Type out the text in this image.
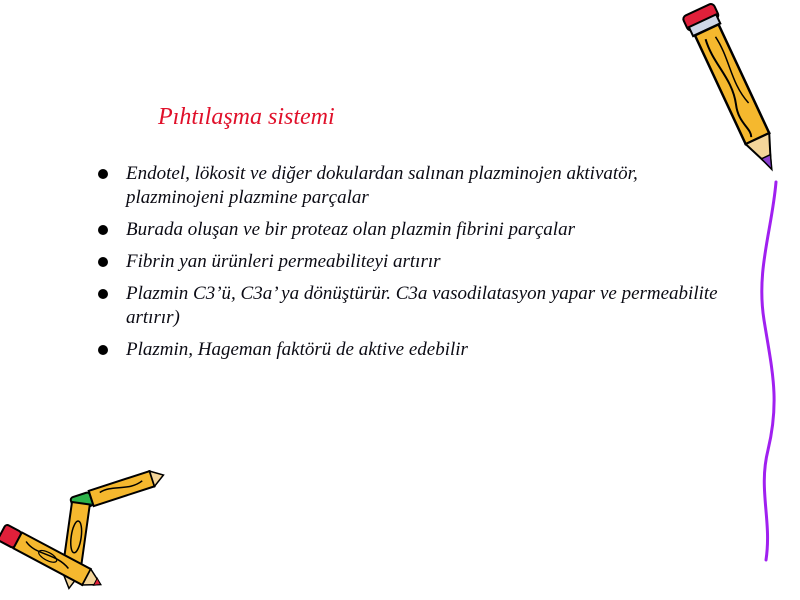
Pıhtılaşma sistemi
Endotel, lökosit ve diğer dokulardan salınan plazminojen aktivatör, plazminojeni plazmine parçalar
Burada oluşan ve bir proteaz olan plazmin fibrini parçalar
Fibrin yan ürünleri permeabiliteyi artırır
Plazmin C3’ü, C3a’ ya dönüştürür. C3a vasodilatasyon yapar ve permeabilite artırır)
Plazmin, Hageman faktörü de aktive edebilir
